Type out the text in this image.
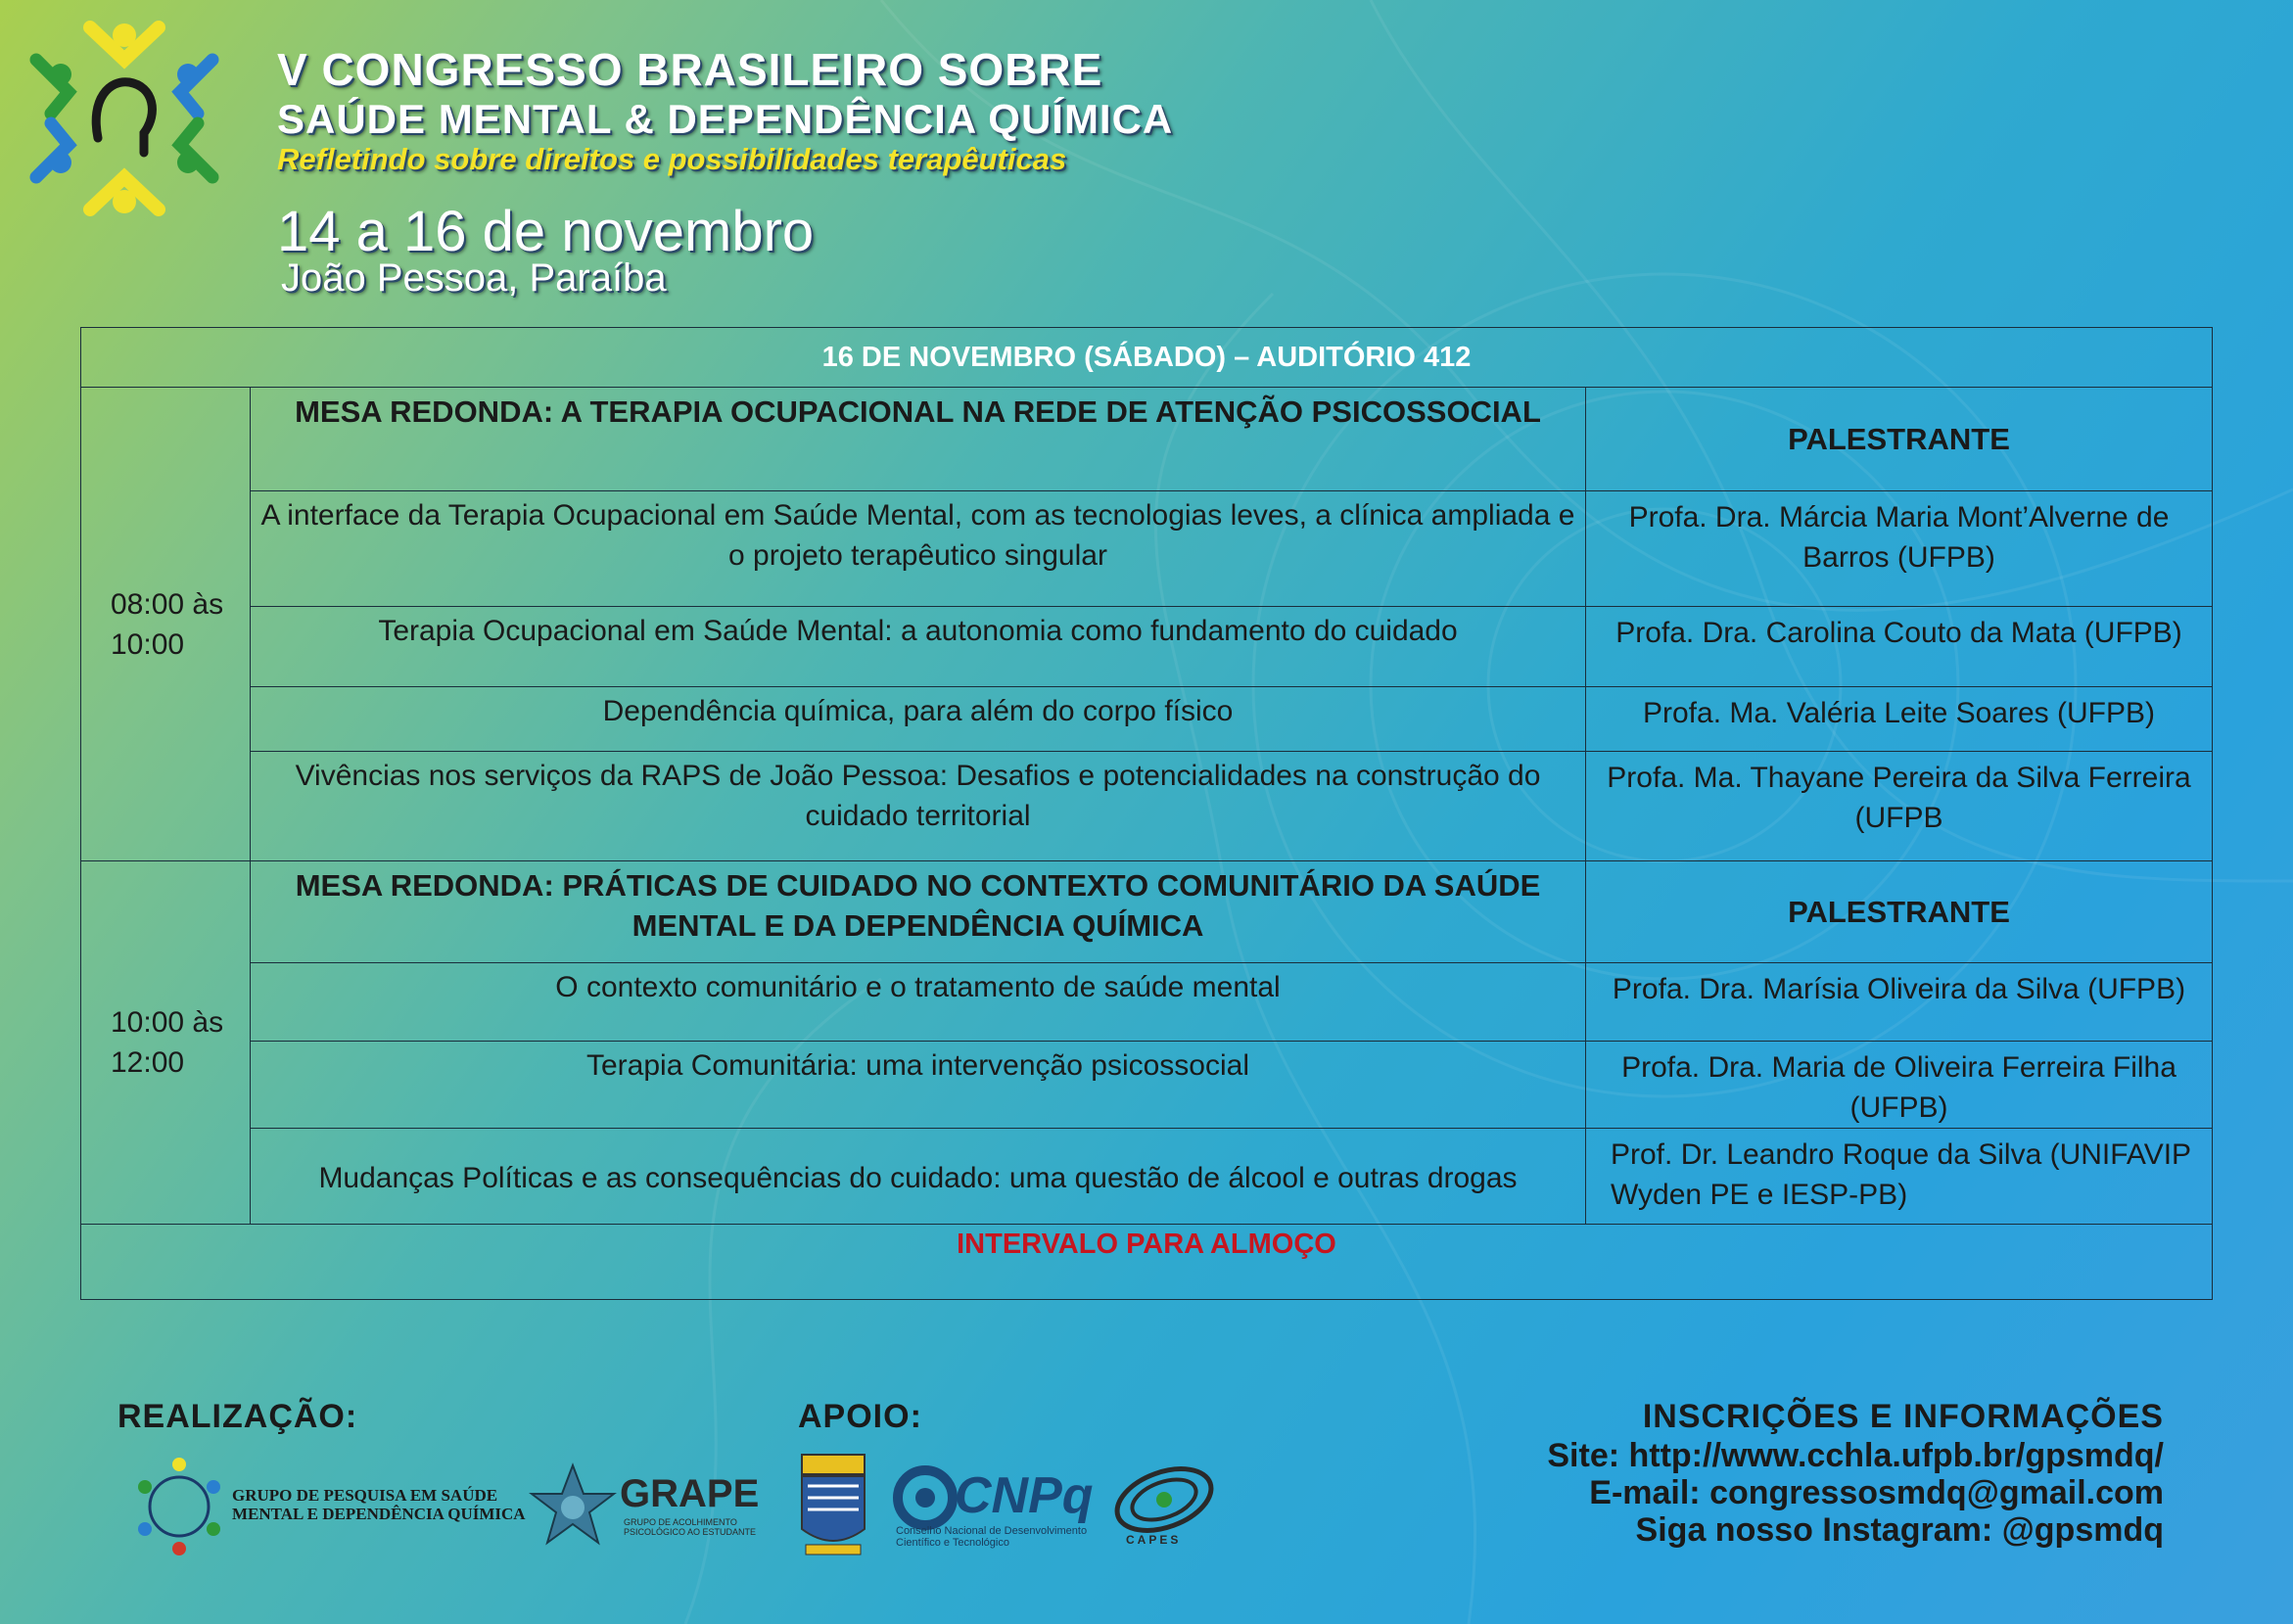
V CONGRESSO BRASILEIRO SOBRE
SAÚDE MENTAL & DEPENDÊNCIA QUÍMICA

Refletindo sobre direitos e possibilidades terapêuticas

14 a 16 de novembro

João Pessoa, Paraíba

16 DE NOVEMBRO (SÁBADO) – AUDITÓRIO 412		

08:00 às
10:00	MESA REDONDA: A TERAPIA OCUPACIONAL NA REDE DE ATENÇÃO PSICOSSOCIAL	PALESTRANTE
	A interface da Terapia Ocupacional em Saúde Mental, com as tecnologias leves, a clínica ampliada e o projeto terapêutico singular	Profa. Dra. Márcia Maria Mont’Alverne de Barros (UFPB)
	Terapia Ocupacional em Saúde Mental: a autonomia como fundamento do cuidado	Profa. Dra. Carolina Couto da Mata (UFPB)
	Dependência química, para além do corpo físico	Profa. Ma. Valéria Leite Soares (UFPB)
	Vivências nos serviços da RAPS de João Pessoa: Desafios e potencialidades na construção do cuidado territorial	Profa. Ma. Thayane Pereira da Silva Ferreira (UFPB

10:00 às
12:00	MESA REDONDA: PRÁTICAS DE CUIDADO NO CONTEXTO COMUNITÁRIO DA SAÚDE MENTAL E DA DEPENDÊNCIA QUÍMICA	PALESTRANTE
	O contexto comunitário e o tratamento de saúde mental	Profa. Dra. Marísia Oliveira da Silva (UFPB)
	Terapia Comunitária: uma intervenção psicossocial	Profa. Dra. Maria de Oliveira Ferreira Filha (UFPB)
	Mudanças Políticas e as consequências do cuidado: uma questão de álcool e outras drogas	Prof. Dr. Leandro Roque da Silva (UNIFAVIP Wyden PE e IESP-PB)
INTERVALO PARA ALMOÇO		

REALIZAÇÃO:

GRUPO DE PESQUISA EM SAÚDE MENTAL E DEPENDÊNCIA QUÍMICA GRAPE
GRUPO DE ACOLHIMENTO PSICOLÓGICO AO ESTUDANTE

APOIO:

CNPq
Conselho Nacional de Desenvolvimento Científico e Tecnológico	CAPES

INSCRIÇÕES E INFORMAÇÕES

Site: http://www.cchla.ufpb.br/gpsmdq/

E-mail: congressosmdq@gmail.com

Siga nosso Instagram: @gpsmdq
